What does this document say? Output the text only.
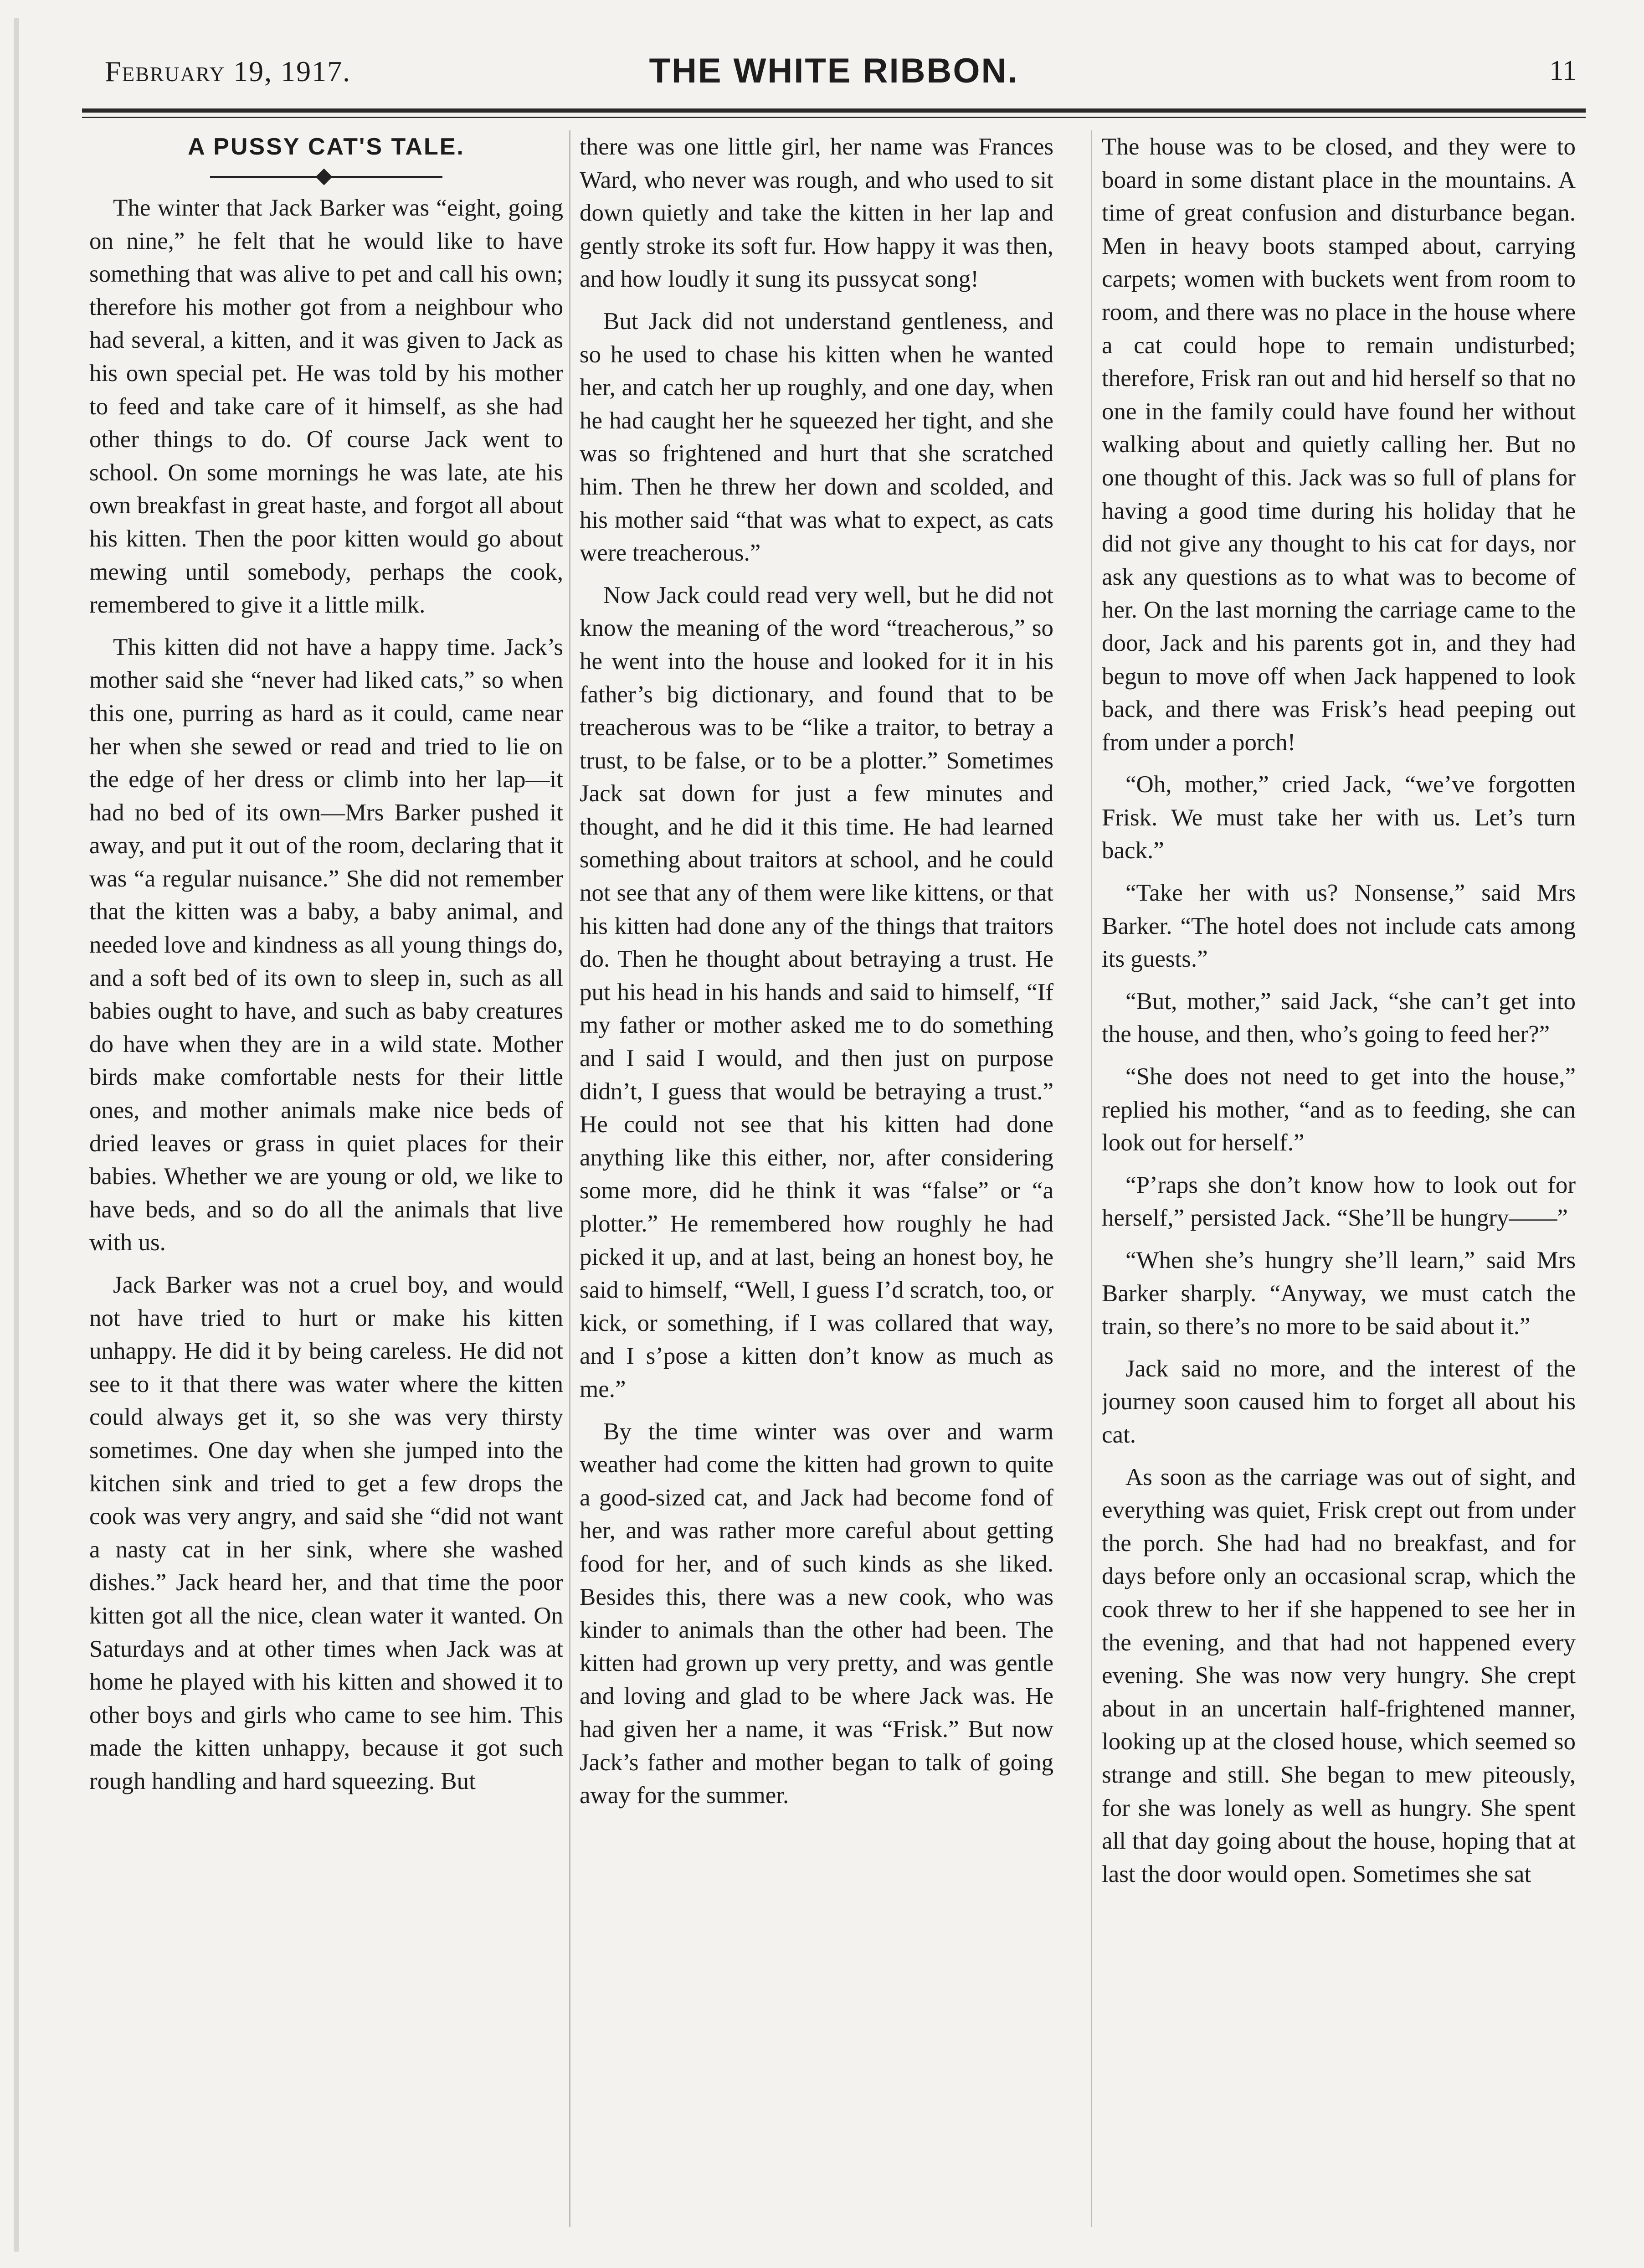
February 19, 1917.	THE WHITE RIBBON.	11
A PUSSY CAT'S TALE.

The winter that Jack Barker was “eight, going on nine,” he felt that he would like to have something that was alive to pet and call his own; therefore his mother got from a neighbour who had several, a kitten, and it was given to Jack as his own special pet. He was told by his mother to feed and take care of it himself, as she had other things to do. Of course Jack went to school. On some mornings he was late, ate his own breakfast in great haste, and forgot all about his kitten. Then the poor kitten would go about mewing until somebody, perhaps the cook, remembered to give it a little milk.

This kitten did not have a happy time. Jack’s mother said she “never had liked cats,” so when this one, purring as hard as it could, came near her when she sewed or read and tried to lie on the edge of her dress or climb into her lap—it had no bed of its own—Mrs Barker pushed it away, and put it out of the room, declaring that it was “a regular nuisance.” She did not remember that the kitten was a baby, a baby animal, and needed love and kindness as all young things do, and a soft bed of its own to sleep in, such as all babies ought to have, and such as baby creatures do have when they are in a wild state. Mother birds make comfortable nests for their little ones, and mother animals make nice beds of dried leaves or grass in quiet places for their babies. Whether we are young or old, we like to have beds, and so do all the animals that live with us.

Jack Barker was not a cruel boy, and would not have tried to hurt or make his kitten unhappy. He did it by being careless. He did not see to it that there was water where the kitten could always get it, so she was very thirsty sometimes. One day when she jumped into the kitchen sink and tried to get a few drops the cook was very angry, and said she “did not want a nasty cat in her sink, where she washed dishes.” Jack heard her, and that time the poor kitten got all the nice, clean water it wanted. On Saturdays and at other times when Jack was at home he played with his kitten and showed it to other boys and girls who came to see him. This made the kitten unhappy, because it got such rough handling and hard squeezing. But

there was one little girl, her name was Frances Ward, who never was rough, and who used to sit down quietly and take the kitten in her lap and gently stroke its soft fur. How happy it was then, and how loudly it sung its pussycat song!

But Jack did not understand gentleness, and so he used to chase his kitten when he wanted her, and catch her up roughly, and one day, when he had caught her he squeezed her tight, and she was so frightened and hurt that she scratched him. Then he threw her down and scolded, and his mother said “that was what to expect, as cats were treacherous.”

Now Jack could read very well, but he did not know the meaning of the word “treacherous,” so he went into the house and looked for it in his father’s big dictionary, and found that to be treacherous was to be “like a traitor, to betray a trust, to be false, or to be a plotter.” Sometimes Jack sat down for just a few minutes and thought, and he did it this time. He had learned something about traitors at school, and he could not see that any of them were like kittens, or that his kitten had done any of the things that traitors do. Then he thought about betraying a trust. He put his head in his hands and said to himself, “If my father or mother asked me to do something and I said I would, and then just on purpose didn’t, I guess that would be betraying a trust.” He could not see that his kitten had done anything like this either, nor, after considering some more, did he think it was “false” or “a plotter.” He remembered how roughly he had picked it up, and at last, being an honest boy, he said to himself, “Well, I guess I’d scratch, too, or kick, or something, if I was collared that way, and I s’pose a kitten don’t know as much as me.”

By the time winter was over and warm weather had come the kitten had grown to quite a good-sized cat, and Jack had become fond of her, and was rather more careful about getting food for her, and of such kinds as she liked. Besides this, there was a new cook, who was kinder to animals than the other had been. The kitten had grown up very pretty, and was gentle and loving and glad to be where Jack was. He had given her a name, it was “Frisk.” But now Jack’s father and mother began to talk of going away for the summer.

The house was to be closed, and they were to board in some distant place in the mountains. A time of great confusion and disturbance began. Men in heavy boots stamped about, carrying carpets; women with buckets went from room to room, and there was no place in the house where a cat could hope to remain undisturbed; therefore, Frisk ran out and hid herself so that no one in the family could have found her without walking about and quietly calling her. But no one thought of this. Jack was so full of plans for having a good time during his holiday that he did not give any thought to his cat for days, nor ask any questions as to what was to become of her. On the last morning the carriage came to the door, Jack and his parents got in, and they had begun to move off when Jack happened to look back, and there was Frisk’s head peeping out from under a porch!

“Oh, mother,” cried Jack, “we’ve forgotten Frisk. We must take her with us. Let’s turn back.”

“Take her with us? Nonsense,” said Mrs Barker. “The hotel does not include cats among its guests.”

“But, mother,” said Jack, “she can’t get into the house, and then, who’s going to feed her?”

“She does not need to get into the house,” replied his mother, “and as to feeding, she can look out for herself.”

“P’raps she don’t know how to look out for herself,” persisted Jack. “She’ll be hungry——”

“When she’s hungry she’ll learn,” said Mrs Barker sharply. “Anyway, we must catch the train, so there’s no more to be said about it.”

Jack said no more, and the interest of the journey soon caused him to forget all about his cat.

As soon as the carriage was out of sight, and everything was quiet, Frisk crept out from under the porch. She had had no breakfast, and for days before only an occasional scrap, which the cook threw to her if she happened to see her in the evening, and that had not happened every evening. She was now very hungry. She crept about in an uncertain half-frightened manner, looking up at the closed house, which seemed so strange and still. She began to mew piteously, for she was lonely as well as hungry. She spent all that day going about the house, hoping that at last the door would open. Sometimes she sat
